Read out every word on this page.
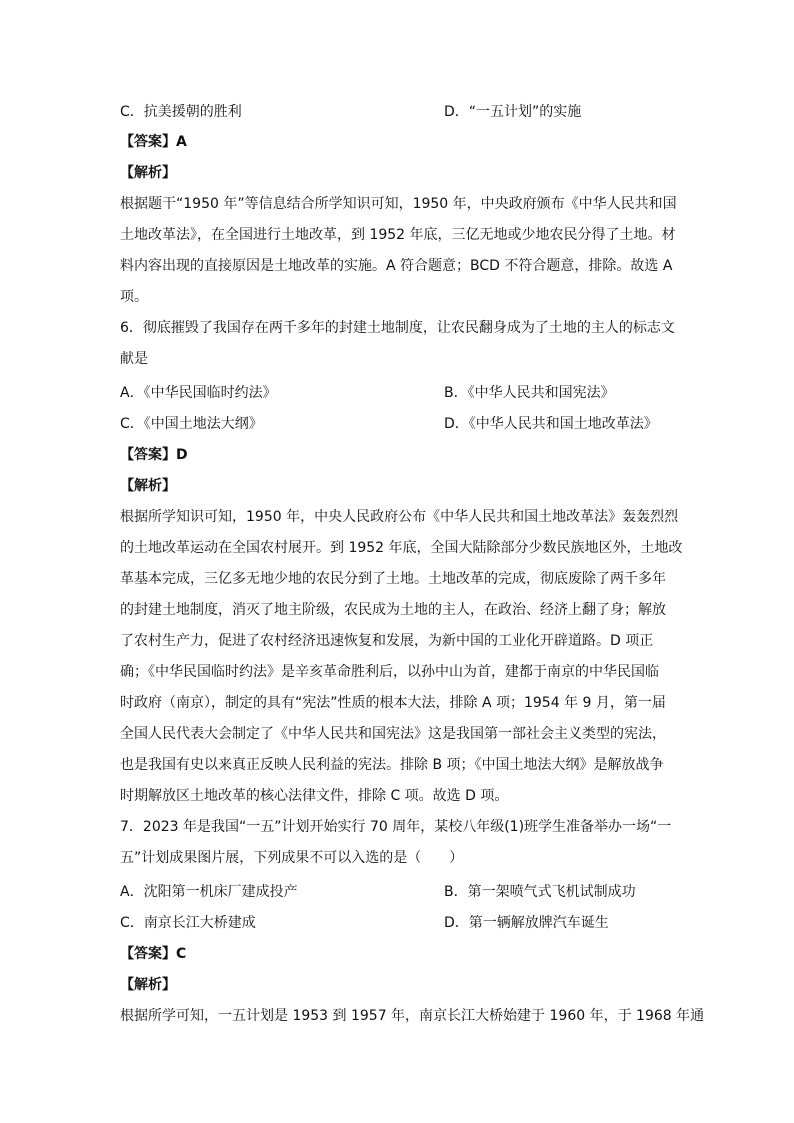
C．抗美援朝的胜利	D．“一五计划”的实施
【答案】A
【解析】
根据题干“1950 年”等信息结合所学知识可知，1950 年，中央政府颁布《中华人民共和国
土地改革法》，在全国进行土地改革，到 1952 年底，三亿无地或少地农民分得了土地。材
料内容出现的直接原因是土地改革的实施。A 符合题意；BCD 不符合题意，排除。故选 A
项。
6．彻底摧毁了我国存在两千多年的封建土地制度，让农民翻身成为了土地的主人的标志文
献是
A．《中华民国临时约法》	B．《中华人民共和国宪法》
C．《中国土地法大纲》	D．《中华人民共和国土地改革法》
【答案】D
【解析】
根据所学知识可知，1950 年，中央人民政府公布《中华人民共和国土地改革法》轰轰烈烈
的土地改革运动在全国农村展开。到 1952 年底，全国大陆除部分少数民族地区外，土地改
革基本完成，三亿多无地少地的农民分到了土地。土地改革的完成，彻底废除了两千多年
的封建土地制度，消灭了地主阶级，农民成为土地的主人，在政治、经济上翻了身；解放
了农村生产力，促进了农村经济迅速恢复和发展，为新中国的工业化开辟道路。D 项正
确；《中华民国临时约法》是辛亥革命胜利后，以孙中山为首，建都于南京的中华民国临
时政府（南京），制定的具有“宪法”性质的根本大法，排除 A 项；1954 年 9 月，第一届
全国人民代表大会制定了《中华人民共和国宪法》这是我国第一部社会主义类型的宪法，
也是我国有史以来真正反映人民利益的宪法。排除 B 项；《中国土地法大纲》是解放战争
时期解放区土地改革的核心法律文件，排除 C 项。故选 D 项。
7．2023 年是我国“一五”计划开始实行 70 周年，某校八年级(1)班学生准备举办一场“一
五”计划成果图片展，下列成果不可以入选的是（　　）
A．沈阳第一机床厂建成投产	B．第一架喷气式飞机试制成功
C．南京长江大桥建成	D．第一辆解放牌汽车诞生
【答案】C
【解析】
根据所学可知，一五计划是 1953 到 1957 年，南京长江大桥始建于 1960 年，于 1968 年通
